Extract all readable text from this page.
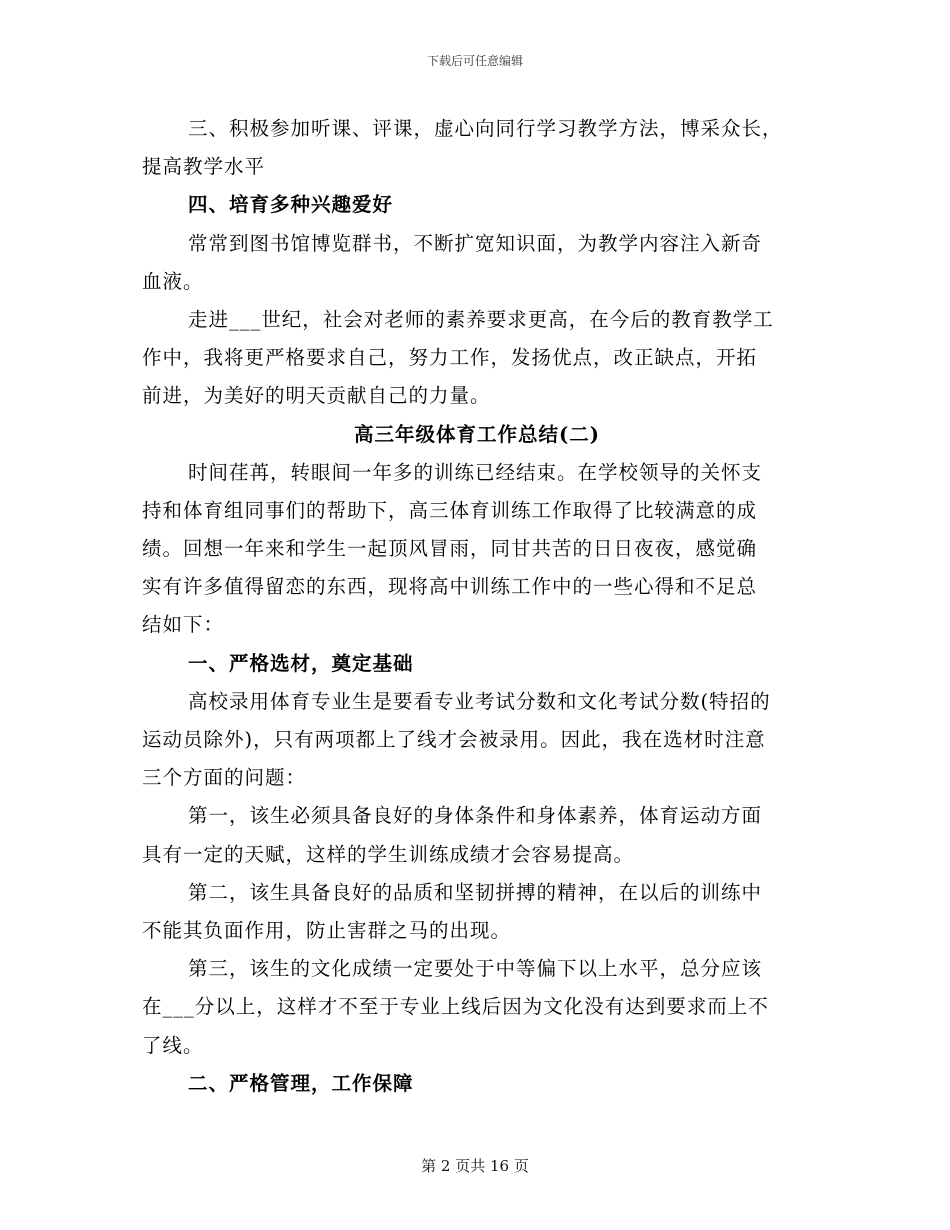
下载后可任意编辑
三、积极参加听课、评课，虚心向同行学习教学方法，博采众长，
提高教学水平
四、培育多种兴趣爱好
常常到图书馆博览群书，不断扩宽知识面，为教学内容注入新奇
血液。
走进___世纪，社会对老师的素养要求更高，在今后的教育教学工
作中，我将更严格要求自己，努力工作，发扬优点，改正缺点，开拓
前进，为美好的明天贡献自己的力量。
高三年级体育工作总结(二)
时间荏苒，转眼间一年多的训练已经结束。在学校领导的关怀支
持和体育组同事们的帮助下，高三体育训练工作取得了比较满意的成
绩。回想一年来和学生一起顶风冒雨，同甘共苦的日日夜夜，感觉确
实有许多值得留恋的东西，现将高中训练工作中的一些心得和不足总
结如下：
一、严格选材，奠定基础
高校录用体育专业生是要看专业考试分数和文化考试分数(特招的
运动员除外)，只有两项都上了线才会被录用。因此，我在选材时注意
三个方面的问题：
第一，该生必须具备良好的身体条件和身体素养，体育运动方面
具有一定的天赋，这样的学生训练成绩才会容易提高。
第二，该生具备良好的品质和坚韧拼搏的精神，在以后的训练中
不能其负面作用，防止害群之马的出现。
第三，该生的文化成绩一定要处于中等偏下以上水平，总分应该
在___分以上，这样才不至于专业上线后因为文化没有达到要求而上不
了线。
二、严格管理，工作保障
第 2 页共 16 页
